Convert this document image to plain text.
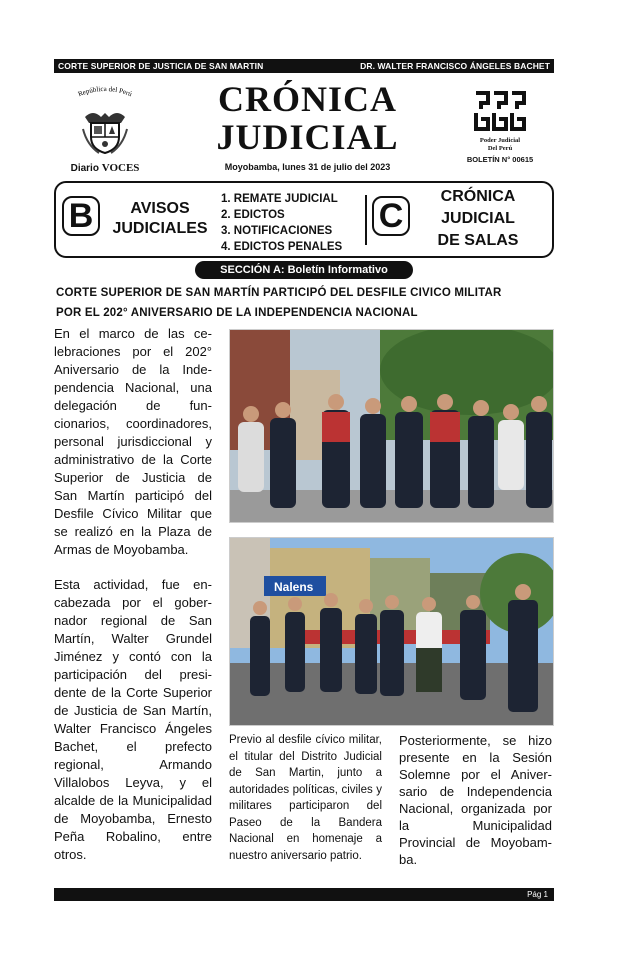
CORTE SUPERIOR DE JUSTICIA DE SAN MARTIN	DR. WALTER FRANCISCO ÁNGELES BACHET
República del Perú

Diario VOCES
CRÓNICA
JUDICIAL
Moyobamba, lunes 31 de julio del 2023
Poder Judicial
Del Perú
BOLETÍN N° 00615
B	AVISOS
JUDICIALES
1. REMATE JUDICIAL
2. EDICTOS
3. NOTIFICACIONES
4. EDICTOS PENALES
C	CRÓNICA
JUDICIAL
DE SALAS
SECCIÓN A: Boletín Informativo
CORTE SUPERIOR DE SAN MARTÍN PARTICIPÓ DEL DESFILE CIVICO MILITAR
POR EL 202° ANIVERSARIO DE LA INDEPENDENCIA NACIONAL

En el marco de las celebraciones por el 202° Aniversario de la Independencia Nacional, una delegación de funcionarios, coordinadores, personal jurisdiccional y administrativo de la Corte Superior de Justicia de San Martín participó del Desfile Cívico Militar que se realizó en la Plaza de Armas de Moyobamba.

Esta actividad, fue encabezada por el gobernador regional de San Martín, Walter Grundel Jiménez y contó con la participación del presidente de la Corte Superior de Justicia de San Martín, Walter Francisco Ángeles Bachet, el prefecto regional, Armando Villalobos Leyva, y el alcalde de la Municipalidad de Moyobamba, Ernesto Peña Robalino, entre otros.

Nalens
Previo al desfile cívico militar, el titular del Distrito Judicial de San Martin, junto a autoridades políticas, civiles y militares participaron del Paseo de la Bandera Nacional en homenaje a nuestro aniversario patrio.
Posteriormente, se hizo presente en la Sesión Solemne por el Aniversario de Independencia Nacional, organizada por la Municipalidad Provincial de Moyobamba.
Pág 1
